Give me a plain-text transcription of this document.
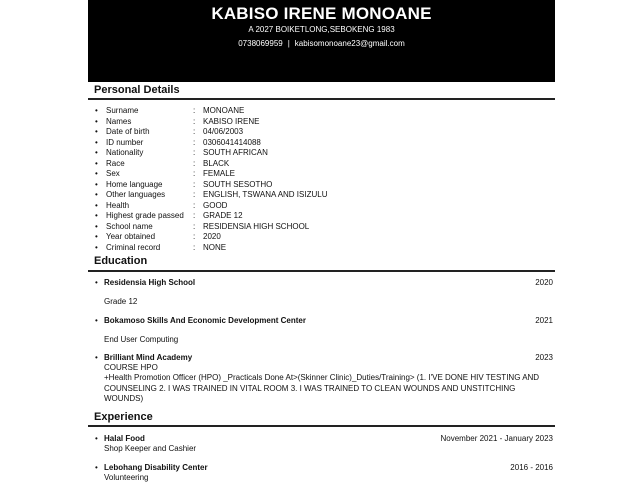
KABISO IRENE MONOANE
A 2027 BOIKETLONG,SEBOKENG 1983
0738069959 | kabisomonoane23@gmail.com
Personal Details
• Surname	: MONOANE
• Names	: KABISO IRENE
• Date of birth	: 04/06/2003
• ID number	: 0306041414088
• Nationality	: SOUTH AFRICAN
• Race	: BLACK
• Sex	: FEMALE
• Home language	: SOUTH SESOTHO
• Other languages	: ENGLISH, TSWANA AND ISIZULU
• Health	: GOOD
• Highest grade passed : GRADE 12
• School name	: RESIDENSIA HIGH SCHOOL
• Year obtained	: 2020
• Criminal record	: NONE
Education
• Residensia High School	2020
Grade 12
• Bokamoso Skills And Economic Development Center	2021
End User Computing
• Brilliant Mind Academy	2023
COURSE HPO
+Health Promotion Officer (HPO) _Practicals Done At>(Skinner Clinic)_Duties/Training> (1. I'VE DONE HIV TESTING AND COUNSELING 2. I WAS TRAINED IN VITAL ROOM 3. I WAS TRAINED TO CLEAN WOUNDS AND UNSTITCHING WOUNDS)
Experience
• Halal Food	November 2021 - January 2023
Shop Keeper and Cashier
• Lebohang Disability Center	2016 - 2016
Volunteering
